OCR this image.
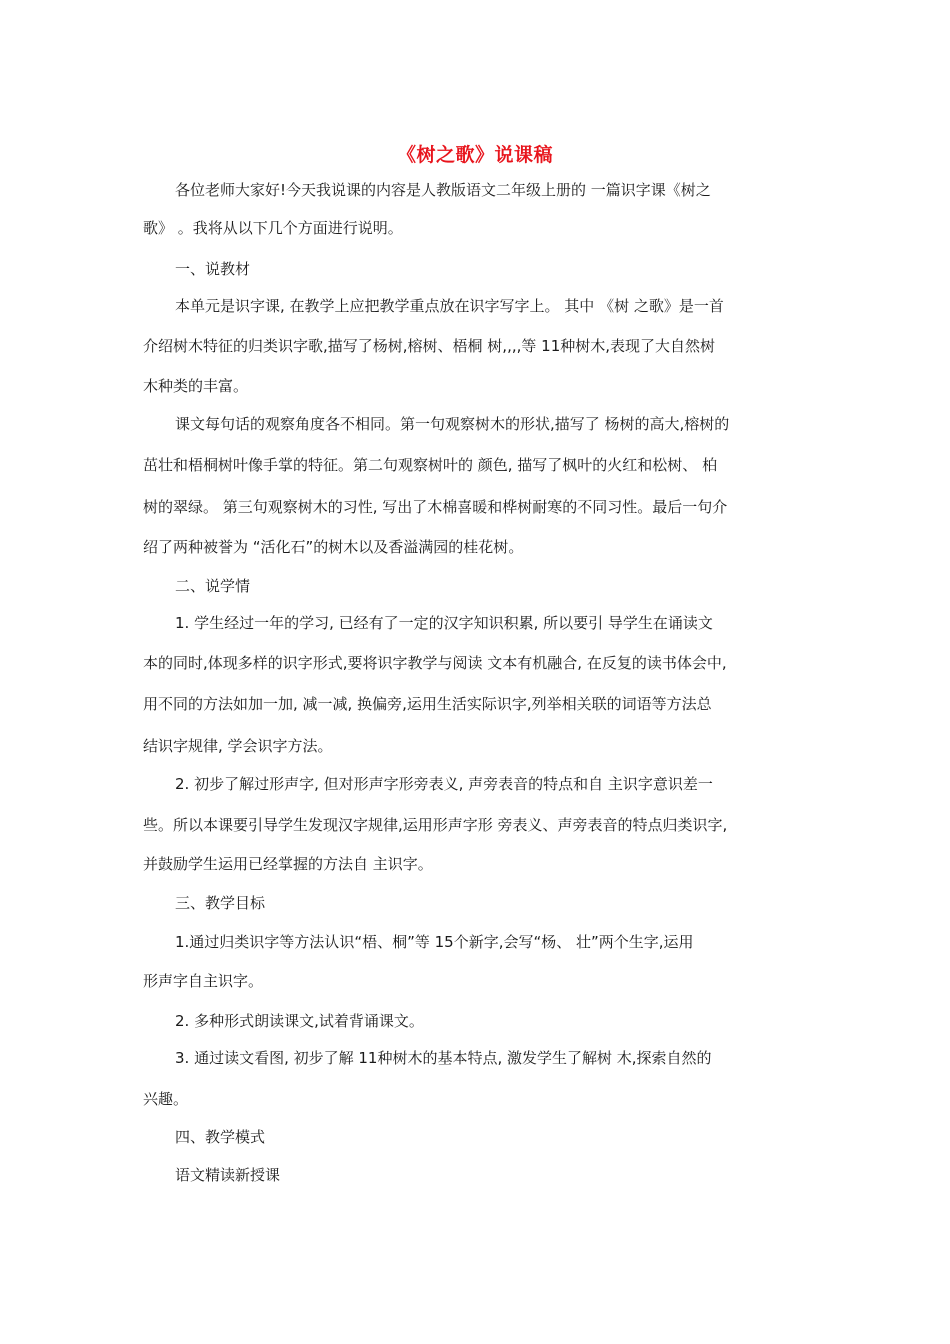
《树之歌》说课稿
各位老师大家好!今天我说课的内容是人教版语文二年级上册的 一篇识字课《树之
歌》 。我将从以下几个方面进行说明。
一、说教材
本单元是识字课, 在教学上应把教学重点放在识字写字上。 其中 《树 之歌》是一首
介绍树木特征的归类识字歌,描写了杨树,榕树、梧桐 树,,,,等 11种树木,表现了大自然树
木种类的丰富。
课文每句话的观察角度各不相同。第一句观察树木的形状,描写了 杨树的高大,榕树的
茁壮和梧桐树叶像手掌的特征。第二句观察树叶的 颜色, 描写了枫叶的火红和松树、 柏
树的翠绿。 第三句观察树木的习性, 写出了木棉喜暖和桦树耐寒的不同习性。最后一句介
绍了两种被誉为 “活化石”的树木以及香溢满园的桂花树。
二、说学情
1. 学生经过一年的学习, 已经有了一定的汉字知识积累, 所以要引 导学生在诵读文
本的同时,体现多样的识字形式,要将识字教学与阅读 文本有机融合, 在反复的读书体会中,
用不同的方法如加一加, 减一减, 换偏旁,运用生活实际识字,列举相关联的词语等方法总
结识字规律, 学会识字方法。
2. 初步了解过形声字, 但对形声字形旁表义, 声旁表音的特点和自 主识字意识差一
些。所以本课要引导学生发现汉字规律,运用形声字形 旁表义、声旁表音的特点归类识字,
并鼓励学生运用已经掌握的方法自 主识字。
三、教学目标
1.通过归类识字等方法认识“梧、桐”等 15个新字,会写“杨、 壮”两个生字,运用
形声字自主识字。
2. 多种形式朗读课文,试着背诵课文。
3. 通过读文看图, 初步了解 11种树木的基本特点, 激发学生了解树 木,探索自然的
兴趣。
四、教学模式
语文精读新授课
